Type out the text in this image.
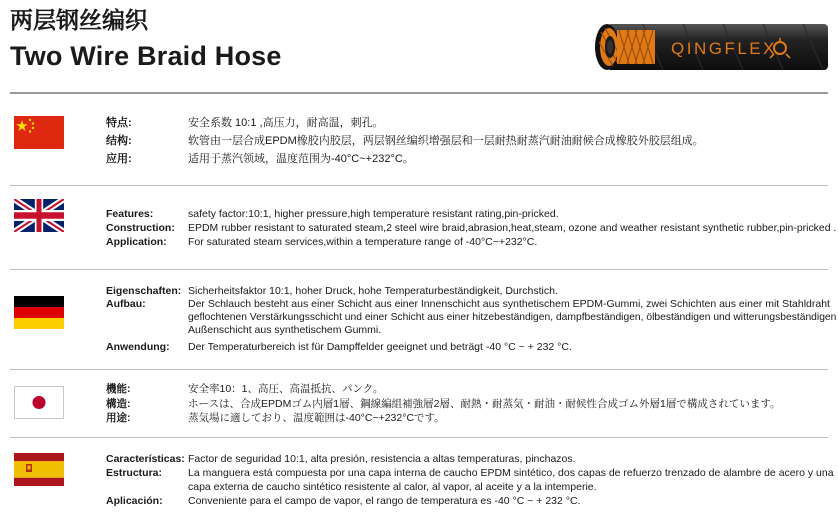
两层钢丝编织
Two Wire Braid Hose	QINGFLEX
特点:	安全系数 10:1 ,高压力，耐高温，刺孔。
结构:	软管由一层合成EPDM橡胶内胶层，两层钢丝编织增强层和一层耐热耐蒸汽耐油耐候合成橡胶外胶层组成。
应用:	适用于蒸汽领域，温度范围为-40°C~+232°C。
Features:	safety factor:10:1, higher pressure,high temperature resistant rating,pin-pricked.
Construction: EPDM rubber resistant to saturated steam,2 steel wire braid,abrasion,heat,steam, ozone and weather resistant synthetic rubber,pin-pricked .
Application: For saturated steam services,within a temperature range of -40°C~+232°C.
Eigenschaften: Sicherheitsfaktor 10:1, hoher Druck, hohe Temperaturbeständigkeit, Durchstich.
Aufbau:	Der Schlauch besteht aus einer Schicht aus einer Innenschicht aus synthetischem EPDM-Gummi, zwei Schichten aus einer mit Stahldraht
geflochtenen Verstärkungsschicht und einer Schicht aus einer hitzebeständigen, dampfbeständigen, ölbeständigen und witterungsbeständigen
Außenschicht aus synthetischem Gummi.
Anwendung: Der Temperaturbereich ist für Dampffelder geeignet und beträgt -40 °C ~ + 232 °C.
機能:	安全率10：1、高圧、高温抵抗、パンク。
構造:	ホースは、合成EPDMゴム内層1層、鋼線編組補強層2層、耐熱・耐蒸気・耐油・耐候性合成ゴム外層1層で構成されています。
用途:	蒸気場に適しており、温度範囲は-40°C~+232°Cです。
Características: Factor de seguridad 10:1, alta presión, resistencia a altas temperaturas, pinchazos.
Estructura: La manguera está compuesta por una capa interna de caucho EPDM sintético, dos capas de refuerzo trenzado de alambre de acero y una
capa externa de caucho sintético resistente al calor, al vapor, al aceite y a la intemperie.
Aplicación: Conveniente para el campo de vapor, el rango de temperatura es -40 °C ~ + 232 °C.
